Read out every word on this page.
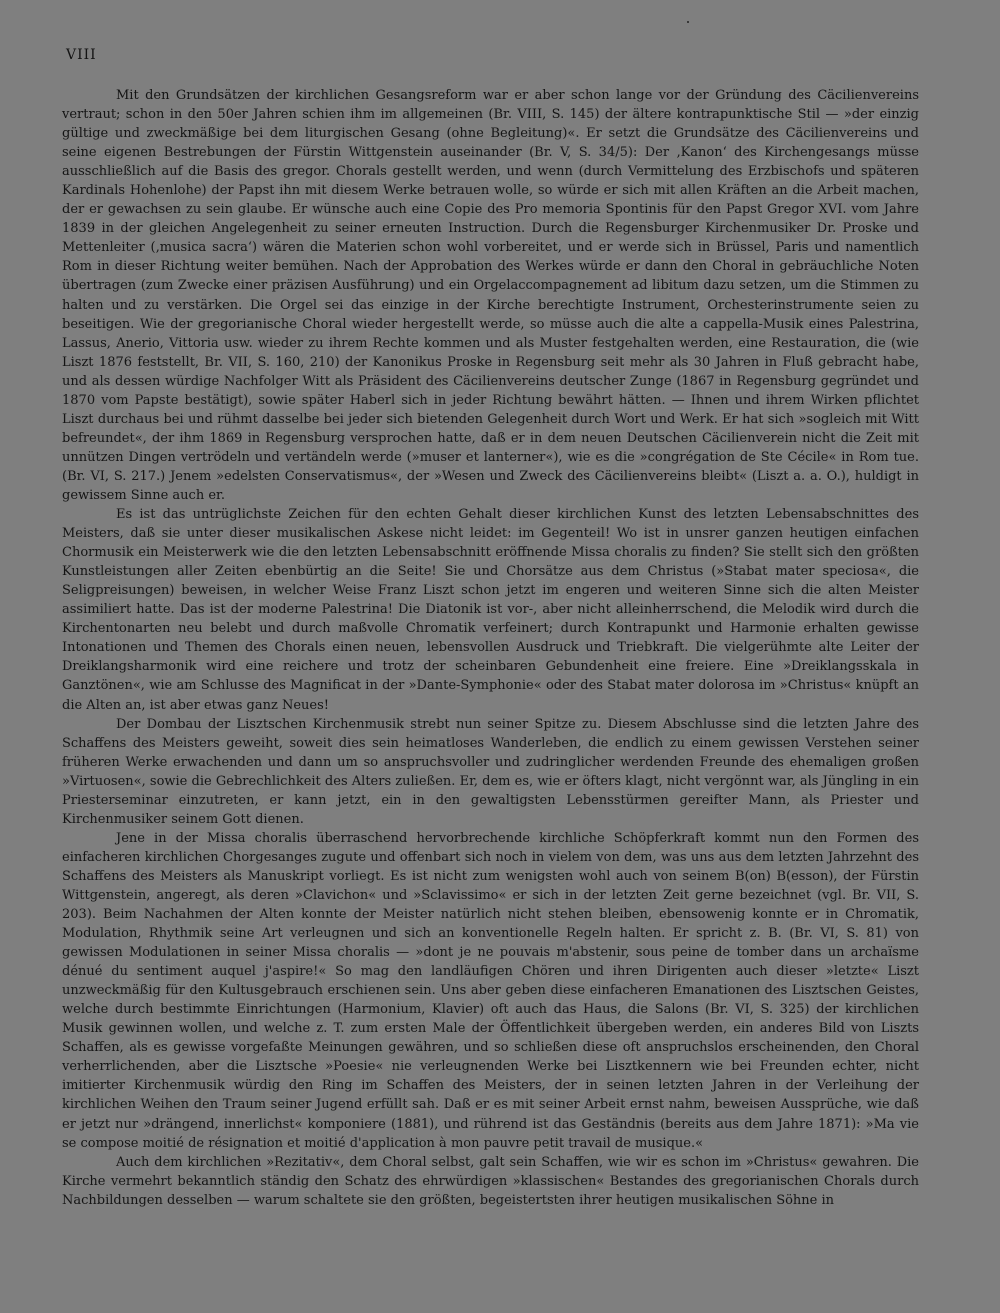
VIII

Mit den Grundsätzen der kirchlichen Gesangsreform war er aber schon lange vor der Gründung des Cäcilienvereins vertraut; schon in den 50er Jahren schien ihm im allgemeinen (Br. VIII, S. 145) der ältere kontrapunktische Stil — »der einzig gültige und zweckmäßige bei dem liturgischen Gesang (ohne Begleitung)«. Er setzt die Grundsätze des Cäcilienvereins und seine eigenen Bestrebungen der Fürstin Wittgenstein auseinander (Br. V, S. 34/5): Der ‚Kanon‘ des Kirchengesangs müsse ausschließlich auf die Basis des gregor. Chorals gestellt werden, und wenn (durch Vermittelung des Erzbischofs und späteren Kardinals Hohenlohe) der Papst ihn mit diesem Werke betrauen wolle, so würde er sich mit allen Kräften an die Arbeit machen, der er gewachsen zu sein glaube. Er wünsche auch eine Copie des Pro memoria Spontinis für den Papst Gregor XVI. vom Jahre 1839 in der gleichen Angelegenheit zu seiner erneuten Instruction. Durch die Regensburger Kirchenmusiker Dr. Proske und Mettenleiter (‚musica sacra‘) wären die Materien schon wohl vorbereitet, und er werde sich in Brüssel, Paris und namentlich Rom in dieser Richtung weiter bemühen. Nach der Approbation des Werkes würde er dann den Choral in gebräuchliche Noten übertragen (zum Zwecke einer präzisen Ausführung) und ein Orgelaccompagnement ad libitum dazu setzen, um die Stimmen zu halten und zu verstärken. Die Orgel sei das einzige in der Kirche berechtigte Instrument, Orchesterinstrumente seien zu beseitigen. Wie der gregorianische Choral wieder hergestellt werde, so müsse auch die alte a cappella-Musik eines Palestrina, Lassus, Anerio, Vittoria usw. wieder zu ihrem Rechte kommen und als Muster festgehalten werden, eine Restauration, die (wie Liszt 1876 feststellt, Br. VII, S. 160, 210) der Kanonikus Proske in Regensburg seit mehr als 30 Jahren in Fluß gebracht habe, und als dessen würdige Nachfolger Witt als Präsident des Cäcilienvereins deutscher Zunge (1867 in Regensburg gegründet und 1870 vom Papste bestätigt), sowie später Haberl sich in jeder Richtung bewährt hätten. — Ihnen und ihrem Wirken pflichtet Liszt durchaus bei und rühmt dasselbe bei jeder sich bietenden Gelegenheit durch Wort und Werk. Er hat sich »sogleich mit Witt befreundet«, der ihm 1869 in Regensburg versprochen hatte, daß er in dem neuen Deutschen Cäcilienverein nicht die Zeit mit unnützen Dingen vertrödeln und vertändeln werde (»muser et lanterner«), wie es die »congrégation de Ste Cécile« in Rom tue. (Br. VI, S. 217.) Jenem »edelsten Conservatismus«, der »Wesen und Zweck des Cäcilienvereins bleibt« (Liszt a. a. O.), huldigt in gewissem Sinne auch er.

Es ist das untrüglichste Zeichen für den echten Gehalt dieser kirchlichen Kunst des letzten Lebensabschnittes des Meisters, daß sie unter dieser musikalischen Askese nicht leidet: im Gegenteil! Wo ist in unsrer ganzen heutigen einfachen Chormusik ein Meisterwerk wie die den letzten Lebensabschnitt eröffnende Missa choralis zu finden? Sie stellt sich den größten Kunstleistungen aller Zeiten ebenbürtig an die Seite! Sie und Chorsätze aus dem Christus (»Stabat mater speciosa«, die Seligpreisungen) beweisen, in welcher Weise Franz Liszt schon jetzt im engeren und weiteren Sinne sich die alten Meister assimiliert hatte. Das ist der moderne Palestrina! Die Diatonik ist vor-, aber nicht alleinherrschend, die Melodik wird durch die Kirchentonarten neu belebt und durch maßvolle Chromatik verfeinert; durch Kontrapunkt und Harmonie erhalten gewisse Intonationen und Themen des Chorals einen neuen, lebensvollen Ausdruck und Triebkraft. Die vielgerühmte alte Leiter der Dreiklangsharmonik wird eine reichere und trotz der scheinbaren Gebundenheit eine freiere. Eine »Dreiklangsskala in Ganztönen«, wie am Schlusse des Magnificat in der »Dante-Symphonie« oder des Stabat mater dolorosa im »Christus« knüpft an die Alten an, ist aber etwas ganz Neues!

Der Dombau der Lisztschen Kirchenmusik strebt nun seiner Spitze zu. Diesem Abschlusse sind die letzten Jahre des Schaffens des Meisters geweiht, soweit dies sein heimatloses Wanderleben, die endlich zu einem gewissen Verstehen seiner früheren Werke erwachenden und dann um so anspruchsvoller und zudringlicher werdenden Freunde des ehemaligen großen »Virtuosen«, sowie die Gebrechlichkeit des Alters zuließen. Er, dem es, wie er öfters klagt, nicht vergönnt war, als Jüngling in ein Priesterseminar einzutreten, er kann jetzt, ein in den gewaltigsten Lebensstürmen gereifter Mann, als Priester und Kirchenmusiker seinem Gott dienen.

Jene in der Missa choralis überraschend hervorbrechende kirchliche Schöpferkraft kommt nun den Formen des einfacheren kirchlichen Chorgesanges zugute und offenbart sich noch in vielem von dem, was uns aus dem letzten Jahrzehnt des Schaffens des Meisters als Manuskript vorliegt. Es ist nicht zum wenigsten wohl auch von seinem B(on) B(esson), der Fürstin Wittgenstein, angeregt, als deren »Clavichon« und »Sclavissimo« er sich in der letzten Zeit gerne bezeichnet (vgl. Br. VII, S. 203). Beim Nachahmen der Alten konnte der Meister natürlich nicht stehen bleiben, ebensowenig konnte er in Chromatik, Modulation, Rhythmik seine Art verleugnen und sich an konventionelle Regeln halten. Er spricht z. B. (Br. VI, S. 81) von gewissen Modulationen in seiner Missa choralis — »dont je ne pouvais m'abstenir, sous peine de tomber dans un archaïsme dénué du sentiment auquel j'aspire!« So mag den landläufigen Chören und ihren Dirigenten auch dieser »letzte« Liszt unzweckmäßig für den Kultusgebrauch erschienen sein. Uns aber geben diese einfacheren Emanationen des Lisztschen Geistes, welche durch bestimmte Einrichtungen (Harmonium, Klavier) oft auch das Haus, die Salons (Br. VI, S. 325) der kirchlichen Musik gewinnen wollen, und welche z. T. zum ersten Male der Öffentlichkeit übergeben werden, ein anderes Bild von Liszts Schaffen, als es gewisse vorgefaßte Meinungen gewähren, und so schließen diese oft anspruchslos erscheinenden, den Choral verherrlichenden, aber die Lisztsche »Poesie« nie verleugnenden Werke bei Lisztkennern wie bei Freunden echter, nicht imitierter Kirchenmusik würdig den Ring im Schaffen des Meisters, der in seinen letzten Jahren in der Verleihung der kirchlichen Weihen den Traum seiner Jugend erfüllt sah. Daß er es mit seiner Arbeit ernst nahm, beweisen Aussprüche, wie daß er jetzt nur »drängend, innerlichst« komponiere (1881), und rührend ist das Geständnis (bereits aus dem Jahre 1871): »Ma vie se compose moitié de résignation et moitié d'application à mon pauvre petit travail de musique.«

Auch dem kirchlichen »Rezitativ«, dem Choral selbst, galt sein Schaffen, wie wir es schon im »Christus« gewahren. Die Kirche vermehrt bekanntlich ständig den Schatz des ehrwürdigen »klassischen« Bestandes des gregorianischen Chorals durch Nachbildungen desselben — warum schaltete sie den größten, begeistertsten ihrer heutigen musikalischen Söhne in
